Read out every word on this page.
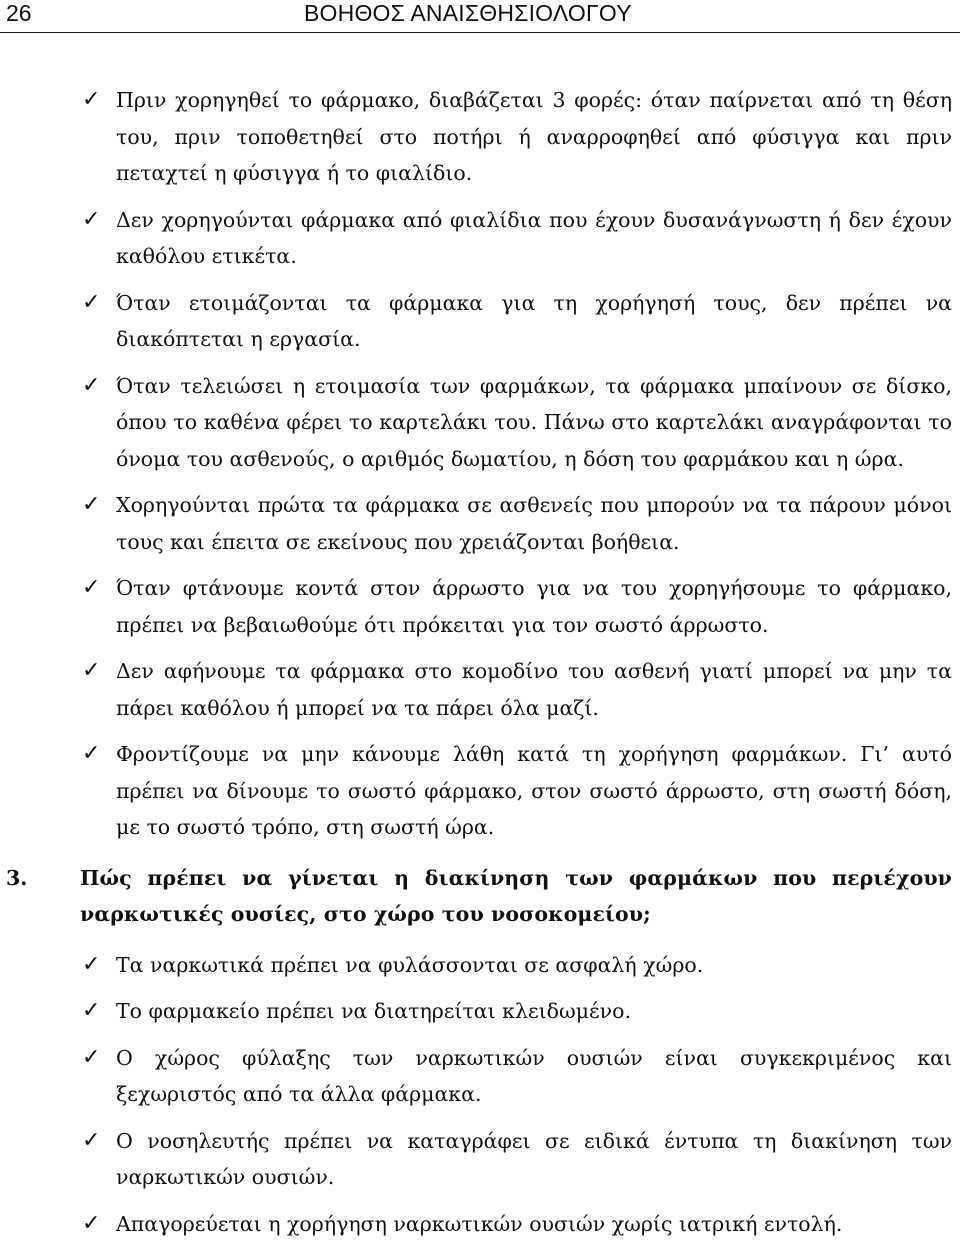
26	ΒΟΗΘΟΣ ΑΝΑΙΣΘΗΣΙΟΛΟΓΟΥ
✓ Πριν χορηγηθεί το φάρμακο, διαβάζεται 3 φορές: όταν παίρνεται από τη θέση του, πριν τοποθετηθεί στο ποτήρι ή αναρροφηθεί από φύσιγγα και πριν πεταχτεί η φύσιγγα ή το φιαλίδιο.
✓ Δεν χορηγούνται φάρμακα από φιαλίδια που έχουν δυσανάγνωστη ή δεν έχουν καθόλου ετικέτα.
✓ Όταν ετοιμάζονται τα φάρμακα για τη χορήγησή τους, δεν πρέπει να διακόπτεται η εργασία.
✓ Όταν τελειώσει η ετοιμασία των φαρμάκων, τα φάρμακα μπαίνουν σε δίσκο, όπου το καθένα φέρει το καρτελάκι του. Πάνω στο καρτελάκι αναγράφονται το όνομα του ασθενούς, ο αριθμός δωματίου, η δόση του φαρμάκου και η ώρα.
✓ Χορηγούνται πρώτα τα φάρμακα σε ασθενείς που μπορούν να τα πάρουν μόνοι τους και έπειτα σε εκείνους που χρειάζονται βοήθεια.
✓ Όταν φτάνουμε κοντά στον άρρωστο για να του χορηγήσουμε το φάρμακο, πρέπει να βεβαιωθούμε ότι πρόκειται για τον σωστό άρρωστο.
✓ Δεν αφήνουμε τα φάρμακα στο κομοδίνο του ασθενή γιατί μπορεί να μην τα πάρει καθόλου ή μπορεί να τα πάρει όλα μαζί.
✓ Φροντίζουμε να μην κάνουμε λάθη κατά τη χορήγηση φαρμάκων. Γι’ αυτό πρέπει να δίνουμε το σωστό φάρμακο, στον σωστό άρρωστο, στη σωστή δόση, με το σωστό τρόπο, στη σωστή ώρα.
3.	Πώς πρέπει να γίνεται η διακίνηση των φαρμάκων που περιέχουν ναρκωτικές ουσίες, στο χώρο του νοσοκομείου;
✓ Τα ναρκωτικά πρέπει να φυλάσσονται σε ασφαλή χώρο.
✓ Το φαρμακείο πρέπει να διατηρείται κλειδωμένο.
✓ Ο χώρος φύλαξης των ναρκωτικών ουσιών είναι συγκεκριμένος και ξεχωριστός από τα άλλα φάρμακα.
✓ Ο νοσηλευτής πρέπει να καταγράφει σε ειδικά έντυπα τη διακίνηση των ναρκωτικών ουσιών.
✓ Απαγορεύεται η χορήγηση ναρκωτικών ουσιών χωρίς ιατρική εντολή.
